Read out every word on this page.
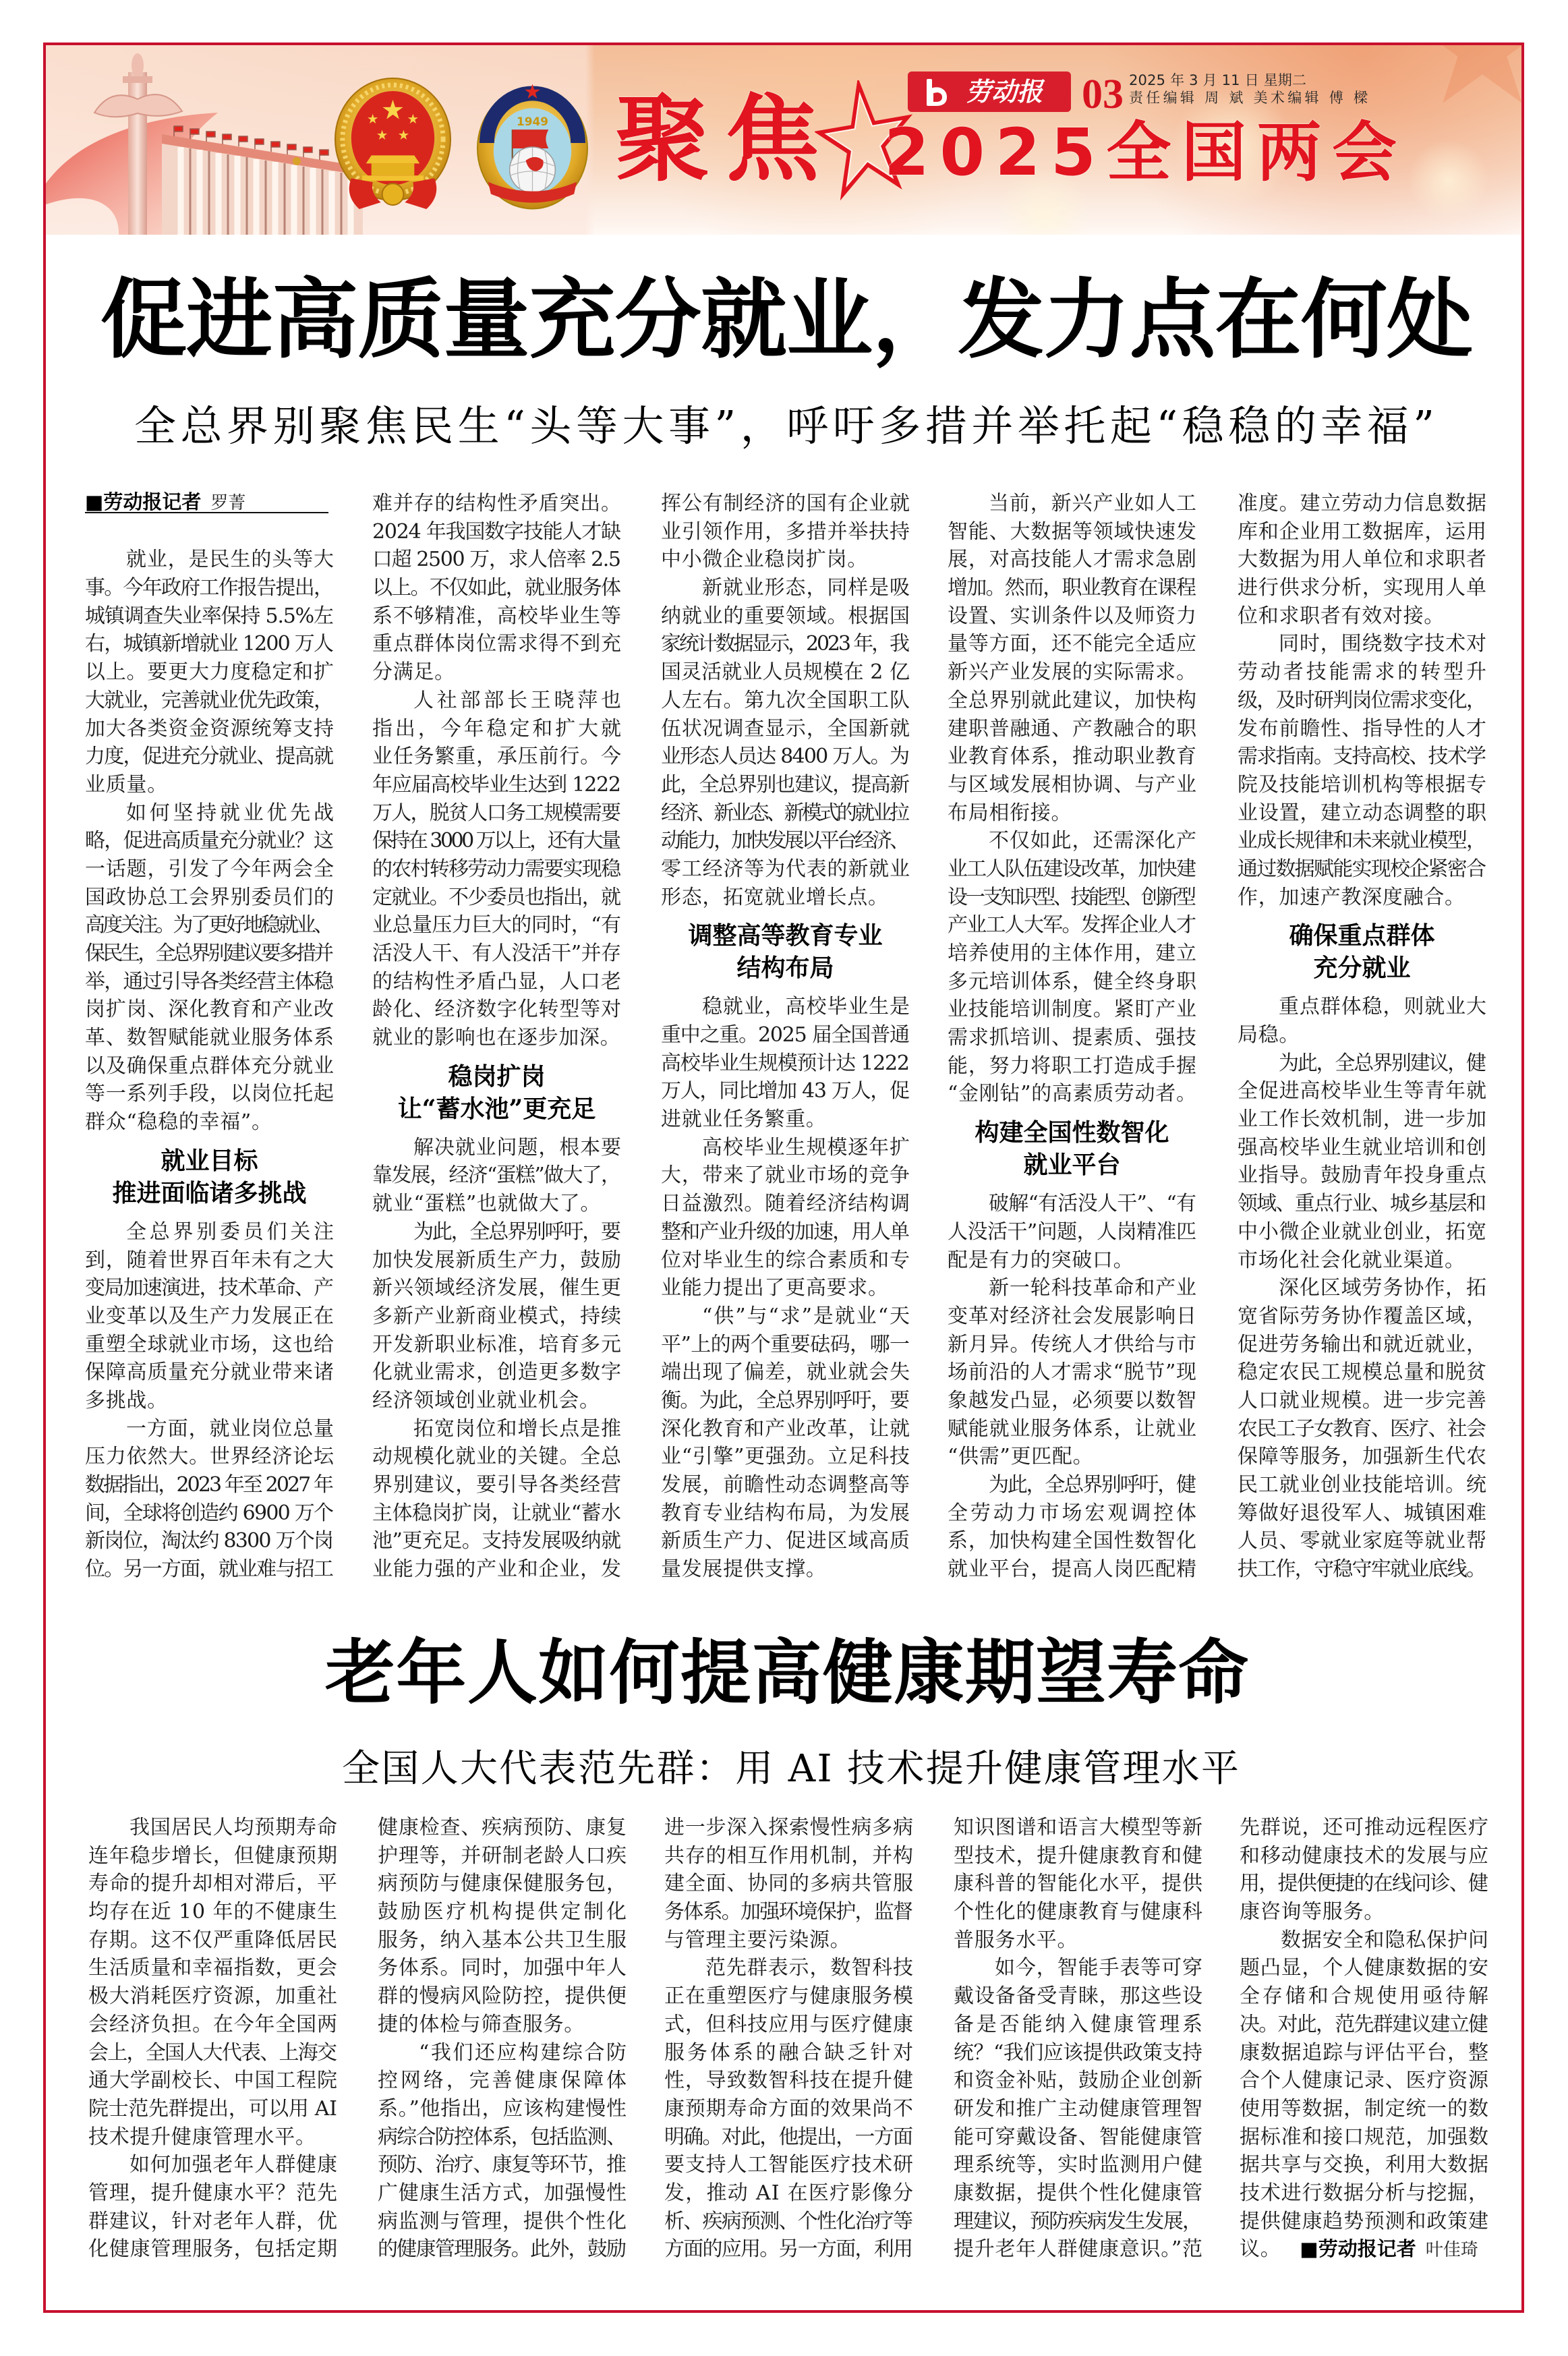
1949 聚焦 2025全国两会
劳动报 03 2025 年 3 月 11 日 星期二
责任编辑 周 斌 美术编辑 傅 樑
促进高质量充分就业，发力点在何处
全总界别聚焦民生“头等大事”，呼吁多措并举托起“稳稳的幸福”
■劳动报记者 罗菁
就业，是民生的头等大
事。今年政府工作报告提出，
城镇调查失业率保持 5.5%左
右，城镇新增就业 1200 万人
以上。要更大力度稳定和扩
大就业，完善就业优先政策，
加大各类资金资源统筹支持
力度，促进充分就业、提高就
业质量。
如何坚持就业优先战
略，促进高质量充分就业？这
一话题，引发了今年两会全
国政协总工会界别委员们的
高度关注。为了更好地稳就业、
保民生，全总界别建议要多措并
举，通过引导各类经营主体稳
岗扩岗、深化教育和产业改
革、数智赋能就业服务体系
以及确保重点群体充分就业
等一系列手段，以岗位托起
群众“稳稳的幸福”。
就业目标
推进面临诸多挑战
全总界别委员们关注
到，随着世界百年未有之大
变局加速演进，技术革命、产
业变革以及生产力发展正在
重塑全球就业市场，这也给
保障高质量充分就业带来诸
多挑战。
一方面，就业岗位总量
压力依然大。世界经济论坛
数据指出，2023 年至 2027 年
间，全球将创造约 6900 万个
新岗位，淘汰约 8300 万个岗
位。另一方面，就业难与招工
难并存的结构性矛盾突出。
2024 年我国数字技能人才缺
口超 2500 万，求人倍率 2.5
以上。不仅如此，就业服务体
系不够精准，高校毕业生等
重点群体岗位需求得不到充
分满足。
人社部部长王晓萍也
指出，今年稳定和扩大就
业任务繁重，承压前行。今
年应届高校毕业生达到 1222
万人，脱贫人口务工规模需要
保持在 3000 万以上，还有大量
的农村转移劳动力需要实现稳
定就业。不少委员也指出，就
业总量压力巨大的同时，“有
活没人干、有人没活干”并存
的结构性矛盾凸显，人口老
龄化、经济数字化转型等对
就业的影响也在逐步加深。
稳岗扩岗
让“蓄水池”更充足
解决就业问题，根本要
靠发展，经济“蛋糕”做大了，
就业“蛋糕”也就做大了。
为此，全总界别呼吁，要
加快发展新质生产力，鼓励
新兴领域经济发展，催生更
多新产业新商业模式，持续
开发新职业标准，培育多元
化就业需求，创造更多数字
经济领域创业就业机会。
拓宽岗位和增长点是推
动规模化就业的关键。全总
界别建议，要引导各类经营
主体稳岗扩岗，让就业“蓄水
池”更充足。支持发展吸纳就
业能力强的产业和企业，发
挥公有制经济的国有企业就
业引领作用，多措并举扶持
中小微企业稳岗扩岗。
新就业形态，同样是吸
纳就业的重要领域。根据国
家统计数据显示，2023 年，我
国灵活就业人员规模在 2 亿
人左右。第九次全国职工队
伍状况调查显示，全国新就
业形态人员达 8400 万人。为
此，全总界别也建议，提高新
经济、新业态、新模式的就业拉
动能力，加快发展以平台经济、
零工经济等为代表的新就业
形态，拓宽就业增长点。
调整高等教育专业
结构布局
稳就业，高校毕业生是
重中之重。2025 届全国普通
高校毕业生规模预计达 1222
万人，同比增加 43 万人，促
进就业任务繁重。
高校毕业生规模逐年扩
大，带来了就业市场的竞争
日益激烈。随着经济结构调
整和产业升级的加速，用人单
位对毕业生的综合素质和专
业能力提出了更高要求。
“供”与“求”是就业“天
平”上的两个重要砝码，哪一
端出现了偏差，就业就会失
衡。为此，全总界别呼吁，要
深化教育和产业改革，让就
业“引擎”更强劲。立足科技
发展，前瞻性动态调整高等
教育专业结构布局，为发展
新质生产力、促进区域高质
量发展提供支撑。
当前，新兴产业如人工
智能、大数据等领域快速发
展，对高技能人才需求急剧
增加。然而，职业教育在课程
设置、实训条件以及师资力
量等方面，还不能完全适应
新兴产业发展的实际需求。
全总界别就此建议，加快构
建职普融通、产教融合的职
业教育体系，推动职业教育
与区域发展相协调、与产业
布局相衔接。
不仅如此，还需深化产
业工人队伍建设改革，加快建
设一支知识型、技能型、创新型
产业工人大军。发挥企业人才
培养使用的主体作用，建立
多元培训体系，健全终身职
业技能培训制度。紧盯产业
需求抓培训、提素质、强技
能，努力将职工打造成手握
“金刚钻”的高素质劳动者。
构建全国性数智化
就业平台
破解“有活没人干”、“有
人没活干”问题，人岗精准匹
配是有力的突破口。
新一轮科技革命和产业
变革对经济社会发展影响日
新月异。传统人才供给与市
场前沿的人才需求“脱节”现
象越发凸显，必须要以数智
赋能就业服务体系，让就业
“供需”更匹配。
为此，全总界别呼吁，健
全劳动力市场宏观调控体
系，加快构建全国性数智化
就业平台，提高人岗匹配精
准度。建立劳动力信息数据
库和企业用工数据库，运用
大数据为用人单位和求职者
进行供求分析，实现用人单
位和求职者有效对接。
同时，围绕数字技术对
劳动者技能需求的转型升
级，及时研判岗位需求变化，
发布前瞻性、指导性的人才
需求指南。支持高校、技术学
院及技能培训机构等根据专
业设置，建立动态调整的职
业成长规律和未来就业模型，
通过数据赋能实现校企紧密合
作，加速产教深度融合。
确保重点群体
充分就业
重点群体稳，则就业大
局稳。
为此，全总界别建议，健
全促进高校毕业生等青年就
业工作长效机制，进一步加
强高校毕业生就业培训和创
业指导。鼓励青年投身重点
领域、重点行业、城乡基层和
中小微企业就业创业，拓宽
市场化社会化就业渠道。
深化区域劳务协作，拓
宽省际劳务协作覆盖区域，
促进劳务输出和就近就业，
稳定农民工规模总量和脱贫
人口就业规模。进一步完善
农民工子女教育、医疗、社会
保障等服务，加强新生代农
民工就业创业技能培训。统
筹做好退役军人、城镇困难
人员、零就业家庭等就业帮
扶工作，守稳守牢就业底线。
老年人如何提高健康期望寿命
全国人大代表范先群：用 AI 技术提升健康管理水平
我国居民人均预期寿命
连年稳步增长，但健康预期
寿命的提升却相对滞后，平
均存在近 10 年的不健康生
存期。这不仅严重降低居民
生活质量和幸福指数，更会
极大消耗医疗资源，加重社
会经济负担。在今年全国两
会上，全国人大代表、上海交
通大学副校长、中国工程院
院士范先群提出，可以用 AI
技术提升健康管理水平。
如何加强老年人群健康
管理，提升健康水平？范先
群建议，针对老年人群，优
化健康管理服务，包括定期
健康检查、疾病预防、康复
护理等，并研制老龄人口疾
病预防与健康保健服务包，
鼓励医疗机构提供定制化
服务，纳入基本公共卫生服
务体系。同时，加强中年人
群的慢病风险防控，提供便
捷的体检与筛查服务。
“我们还应构建综合防
控网络，完善健康保障体
系。”他指出，应该构建慢性
病综合防控体系，包括监测、
预防、治疗、康复等环节，推
广健康生活方式，加强慢性
病监测与管理，提供个性化
的健康管理服务。此外，鼓励
进一步深入探索慢性病多病
共存的相互作用机制，并构
建全面、协同的多病共管服
务体系。加强环境保护，监督
与管理主要污染源。
范先群表示，数智科技
正在重塑医疗与健康服务模
式，但科技应用与医疗健康
服务体系的融合缺乏针对
性，导致数智科技在提升健
康预期寿命方面的效果尚不
明确。对此，他提出，一方面
要支持人工智能医疗技术研
发，推动 AI 在医疗影像分
析、疾病预测、个性化治疗等
方面的应用。另一方面，利用
知识图谱和语言大模型等新
型技术，提升健康教育和健
康科普的智能化水平，提供
个性化的健康教育与健康科
普服务水平。
如今，智能手表等可穿
戴设备备受青睐，那这些设
备是否能纳入健康管理系
统？“我们应该提供政策支持
和资金补贴，鼓励企业创新
研发和推广主动健康管理智
能可穿戴设备、智能健康管
理系统等，实时监测用户健
康数据，提供个性化健康管
理建议，预防疾病发生发展，
提升老年人群健康意识。”范
先群说，还可推动远程医疗
和移动健康技术的发展与应
用，提供便捷的在线问诊、健
康咨询等服务。
数据安全和隐私保护问
题凸显，个人健康数据的安
全存储和合规使用亟待解
决。对此，范先群建议建立健
康数据追踪与评估平台，整
合个人健康记录、医疗资源
使用等数据，制定统一的数
据标准和接口规范，加强数
据共享与交换，利用大数据
技术进行数据分析与挖掘，
提供健康趋势预测和政策建
议。 ■劳动报记者 叶佳琦
